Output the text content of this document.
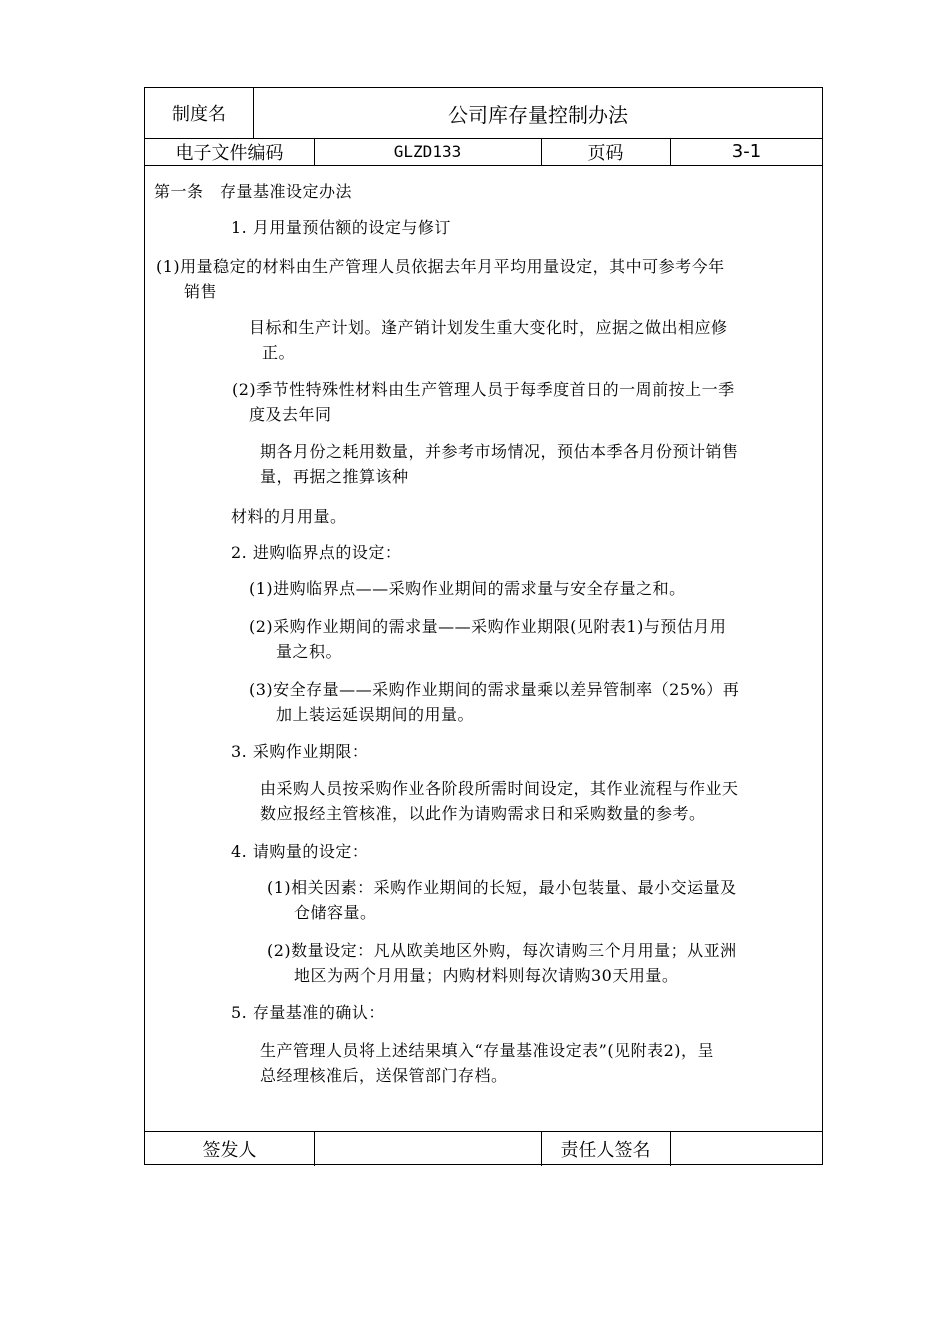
制度名	公司库存量控制办法
电子文件编码	GLZD133	页码	3-1
第一条　存量基准设定办法
1. 月用量预估额的设定与修订
(1)用量稳定的材料由生产管理人员依据去年月平均用量设定，其中可参考今年
销售
目标和生产计划。逢产销计划发生重大变化时，应据之做出相应修
正。
(2)季节性特殊性材料由生产管理人员于每季度首日的一周前按上一季
度及去年同
期各月份之耗用数量，并参考市场情况，预估本季各月份预计销售
量，再据之推算该种
材料的月用量。
2. 进购临界点的设定：
(1)进购临界点——采购作业期间的需求量与安全存量之和。
(2)采购作业期间的需求量——采购作业期限(见附表1)与预估月用
量之积。
(3)安全存量——采购作业期间的需求量乘以差异管制率（25%）再
加上装运延误期间的用量。
3. 采购作业期限：
由采购人员按采购作业各阶段所需时间设定，其作业流程与作业天
数应报经主管核准，以此作为请购需求日和采购数量的参考。
4. 请购量的设定：
(1)相关因素：采购作业期间的长短，最小包装量、最小交运量及
仓储容量。
(2)数量设定：凡从欧美地区外购，每次请购三个月用量；从亚洲
地区为两个月用量；内购材料则每次请购30天用量。
5. 存量基准的确认：
生产管理人员将上述结果填入“存量基准设定表”(见附表2)，呈
总经理核准后，送保管部门存档。
签发人	责任人签名
